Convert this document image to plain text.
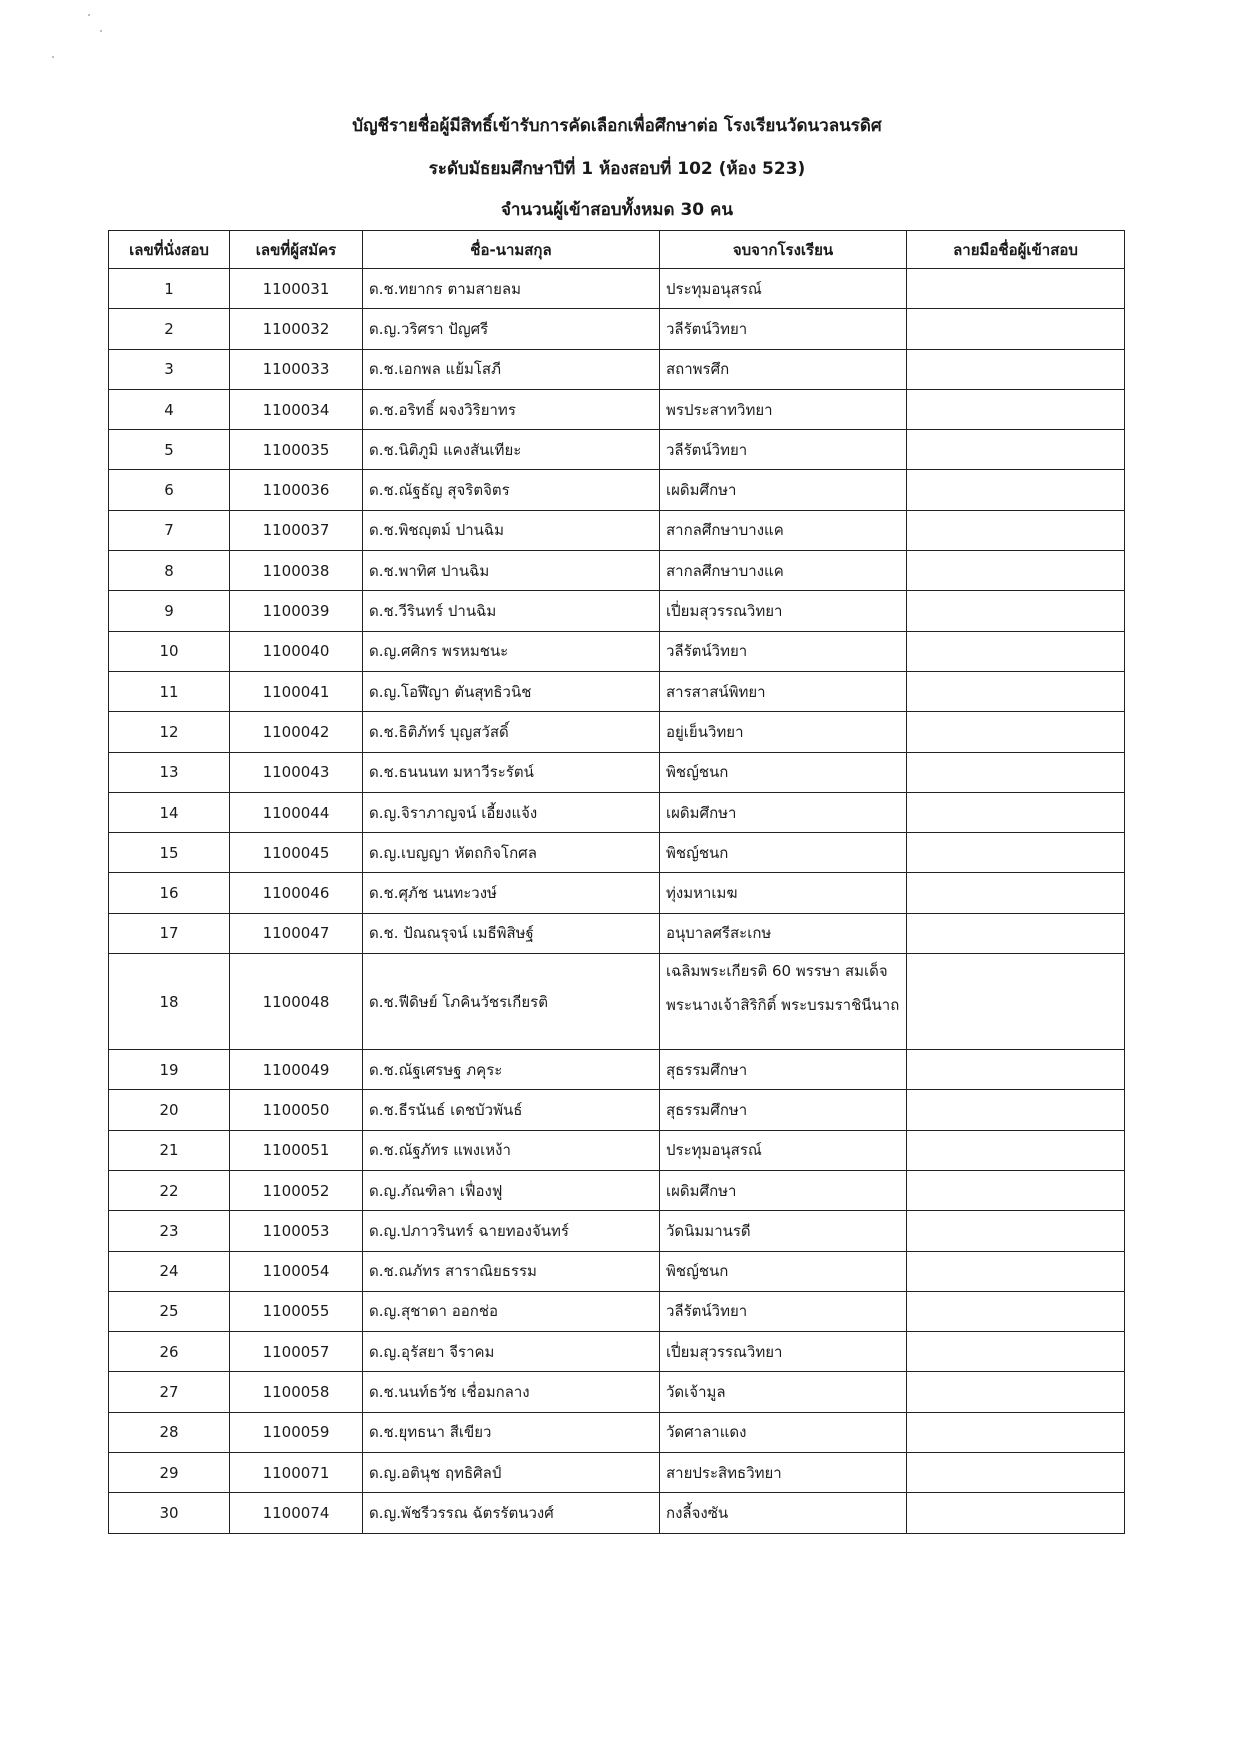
บัญชีรายชื่อผู้มีสิทธิ์เข้ารับการคัดเลือกเพื่อศึกษาต่อ โรงเรียนวัดนวลนรดิศ
ระดับมัธยมศึกษาปีที่ 1 ห้องสอบที่ 102 (ห้อง 523)
จำนวนผู้เข้าสอบทั้งหมด 30 คน
เลขที่นั่งสอบ	เลขที่ผู้สมัคร	ชื่อ-นามสกุล	จบจากโรงเรียน	ลายมือชื่อผู้เข้าสอบ
1	1100031	ด.ช.ทยากร ตามสายลม	ประทุมอนุสรณ์	
2	1100032	ด.ญ.วริศรา ปัญศรี	วลีรัตน์วิทยา	
3	1100033	ด.ช.เอกพล แย้มโสภี	สถาพรศึก	
4	1100034	ด.ช.อริทธิ์ ผจงวิริยาทร	พรประสาทวิทยา	
5	1100035	ด.ช.นิติภูมิ แคงสันเทียะ	วลีรัตน์วิทยา	
6	1100036	ด.ช.ณัฐธัญ สุจริตจิตร	เผดิมศึกษา	
7	1100037	ด.ช.พิชญุตม์ ปานฉิม	สากลศึกษาบางแค	
8	1100038	ด.ช.พาทิศ ปานฉิม	สากลศึกษาบางแค	
9	1100039	ด.ช.วีรินทร์ ปานฉิม	เปี่ยมสุวรรณวิทยา	
10	1100040	ด.ญ.ศศิกร พรหมชนะ	วลีรัตน์วิทยา	
11	1100041	ด.ญ.โอฬีญา ตันสุทธิวนิช	สารสาสน์พิทยา	
12	1100042	ด.ช.ธิติภัทร์ บุญสวัสดิ์	อยู่เย็นวิทยา	
13	1100043	ด.ช.ธนนนท มหาวีระรัตน์	พิชญ์ชนก	
14	1100044	ด.ญ.จิราภาญจน์ เอี้ยงแจ้ง	เผดิมศึกษา	
15	1100045	ด.ญ.เบญญา หัตถกิจโกศล	พิชญ์ชนก	
16	1100046	ด.ช.ศุภัช นนทะวงษ์	ทุ่งมหาเมฆ	
17	1100047	ด.ช. ปัณณรุจน์ เมธีพิสิษฐ์	อนุบาลศรีสะเกษ	
18	1100048	ด.ช.ฟีดิษย์ โภคินวัชรเกียรติ	เฉลิมพระเกียรติ 60 พรรษา สมเด็จพระนางเจ้าสิริกิติ์ พระบรมราชินีนาถ	
19	1100049	ด.ช.ณัฐเศรษฐ ภคุระ	สุธรรมศึกษา	
20	1100050	ด.ช.ธีรนันธ์ เดชบัวพันธ์	สุธรรมศึกษา	
21	1100051	ด.ช.ณัฐภัทร แพงเหง้า	ประทุมอนุสรณ์	
22	1100052	ด.ญ.ภัณฑิลา เฟื่องฟู	เผดิมศึกษา	
23	1100053	ด.ญ.ปภาวรินทร์ ฉายทองจันทร์	วัดนิมมานรดี	
24	1100054	ด.ช.ณภัทร สาราณิยธรรม	พิชญ์ชนก	
25	1100055	ด.ญ.สุชาดา ออกช่อ	วลีรัตน์วิทยา	
26	1100057	ด.ญ.อุรัสยา จีราคม	เปี่ยมสุวรรณวิทยา	
27	1100058	ด.ช.นนท์ธวัช เชื่อมกลาง	วัดเจ้ามูล	
28	1100059	ด.ช.ยุทธนา สีเขียว	วัดศาลาแดง	
29	1100071	ด.ญ.อตินุช ฤทธิศิลป์	สายประสิทธวิทยา	
30	1100074	ด.ญ.พัชรีวรรณ ฉัตรรัตนวงศ์	กงลี้จงซัน	
